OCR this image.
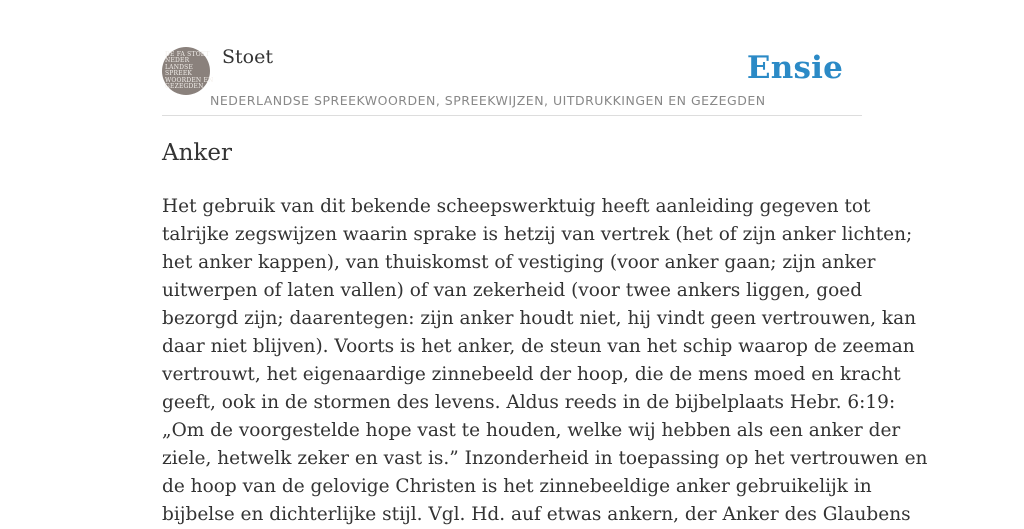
DE FA STOET
NEDER
LANDSE
SPREEK
WOORDEN EN
GEZEGDEN
Stoet	Ensie
NEDERLANDSE SPREEKWOORDEN, SPREEKWIJZEN, UITDRUKKINGEN EN GEZEGDEN
Anker

Het gebruik van dit bekende scheepswerktuig heeft aanleiding gegeven tot
talrijke zegswijzen waarin sprake is hetzij van vertrek (het of zijn anker lichten;
het anker kappen), van thuiskomst of vestiging (voor anker gaan; zijn anker
uitwerpen of laten vallen) of van zekerheid (voor twee ankers liggen, goed
bezorgd zijn; daarentegen: zijn anker houdt niet, hij vindt geen vertrouwen, kan
daar niet blijven). Voorts is het anker, de steun van het schip waarop de zeeman
vertrouwt, het eigenaardige zinnebeeld der hoop, die de mens moed en kracht
geeft, ook in de stormen des levens. Aldus reeds in de bijbelplaats Hebr. 6:19:
„Om de voorgestelde hope vast te houden, welke wij hebben als een anker der
ziele, hetwelk zeker en vast is.” Inzonderheid in toepassing op het vertrouwen en
de hoop van de gelovige Christen is het zinnebeeldige anker gebruikelijk in
bijbelse en dichterlijke stijl. Vgl. Hd. auf etwas ankern, der Anker des Glaubens
